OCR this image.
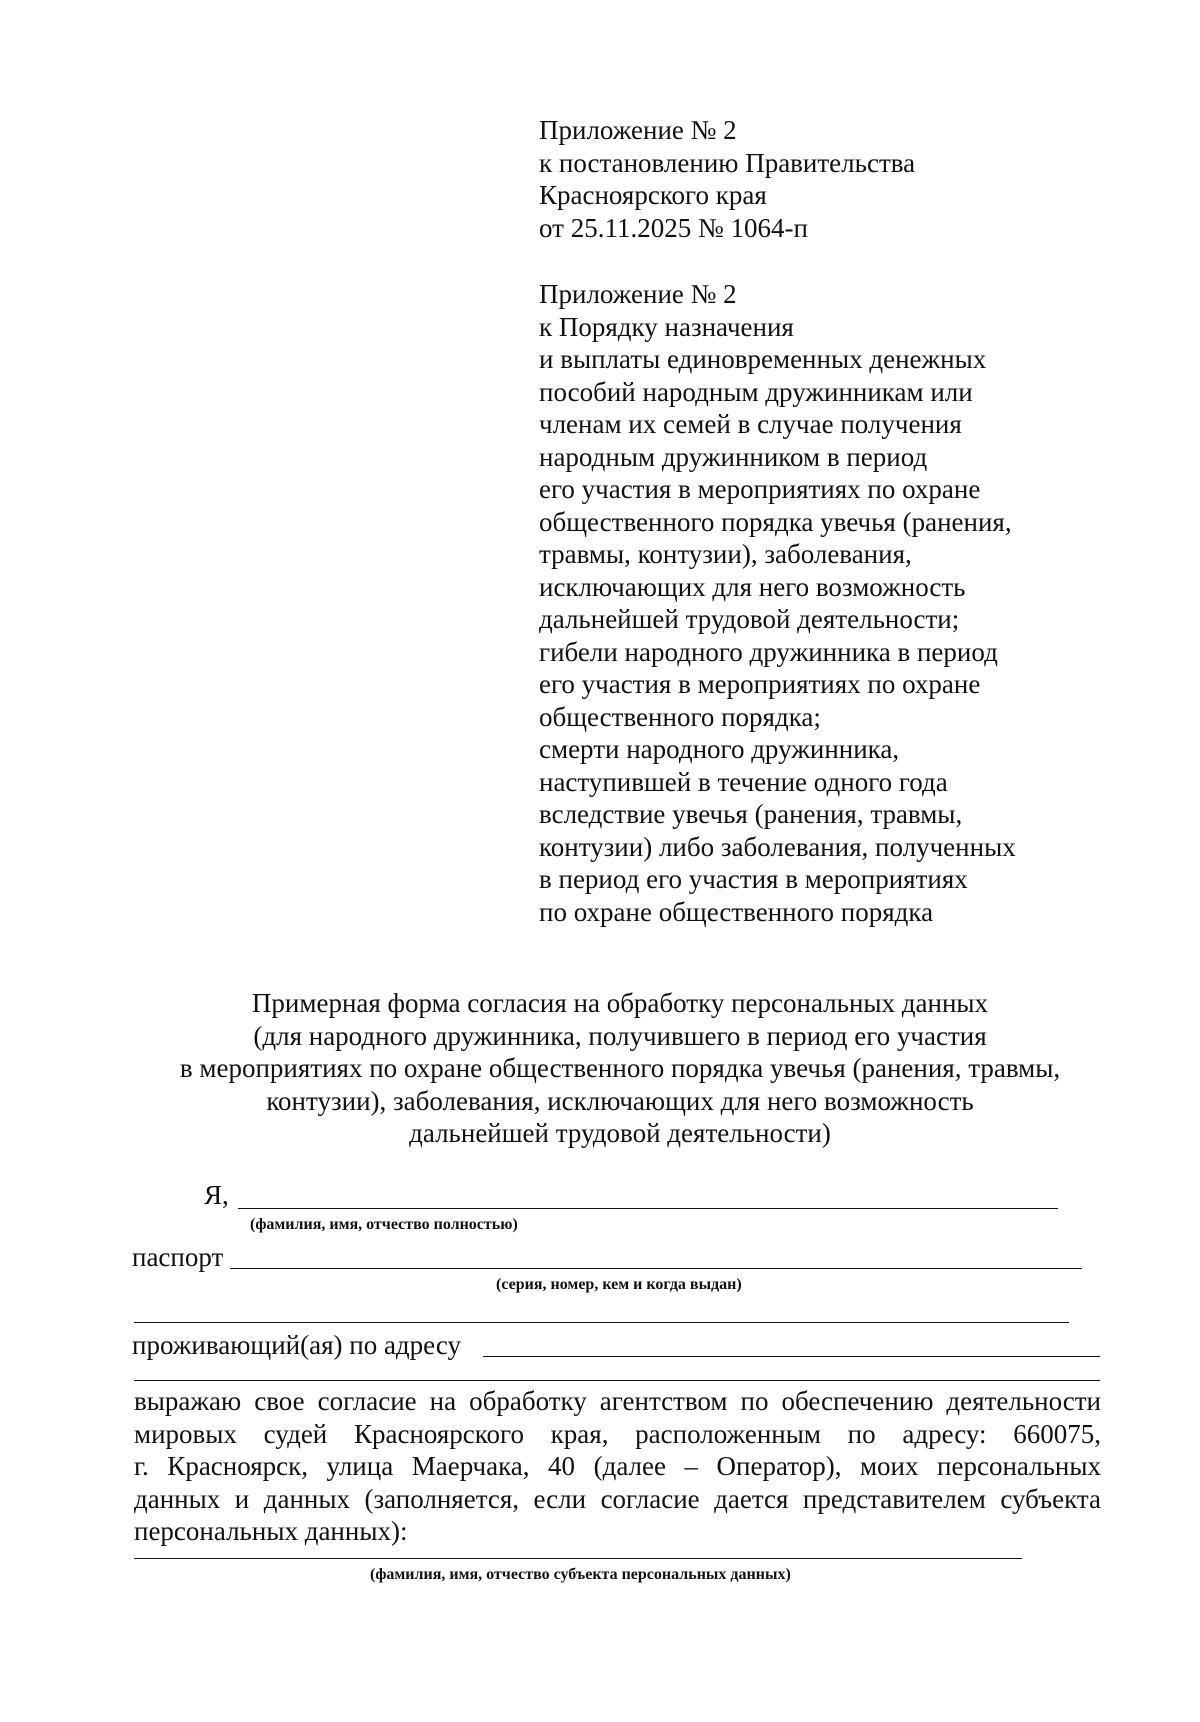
Приложение № 2
к постановлению Правительства
Красноярского края
от 25.11.2025 № 1064-п
Приложение № 2
к Порядку назначения
и выплаты единовременных денежных
пособий народным дружинникам или
членам их семей в случае получения
народным дружинником в период
его участия в мероприятиях по охране
общественного порядка увечья (ранения,
травмы, контузии), заболевания,
исключающих для него возможность
дальнейшей трудовой деятельности;
гибели народного дружинника в период
его участия в мероприятиях по охране
общественного порядка;
смерти народного дружинника,
наступившей в течение одного года
вследствие увечья (ранения, травмы,
контузии) либо заболевания, полученных
в период его участия в мероприятиях
по охране общественного порядка
Примерная форма согласия на обработку персональных данных
(для народного дружинника, получившего в период его участия
в мероприятиях по охране общественного порядка увечья (ранения, травмы,
контузии), заболевания, исключающих для него возможность
дальнейшей трудовой деятельности)
Я,
(фамилия, имя, отчество полностью)
паспорт
(серия, номер, кем и когда выдан)
проживающий(ая) по адресу
выражаю свое согласие на обработку агентством по обеспечению деятельности
мировых судей Красноярского края, расположенным по адресу: 660075,
г. Красноярск, улица Маерчака, 40 (далее – Оператор), моих персональных
данных и данных (заполняется, если согласие дается представителем субъекта
персональных данных):
(фамилия, имя, отчество субъекта персональных данных)
